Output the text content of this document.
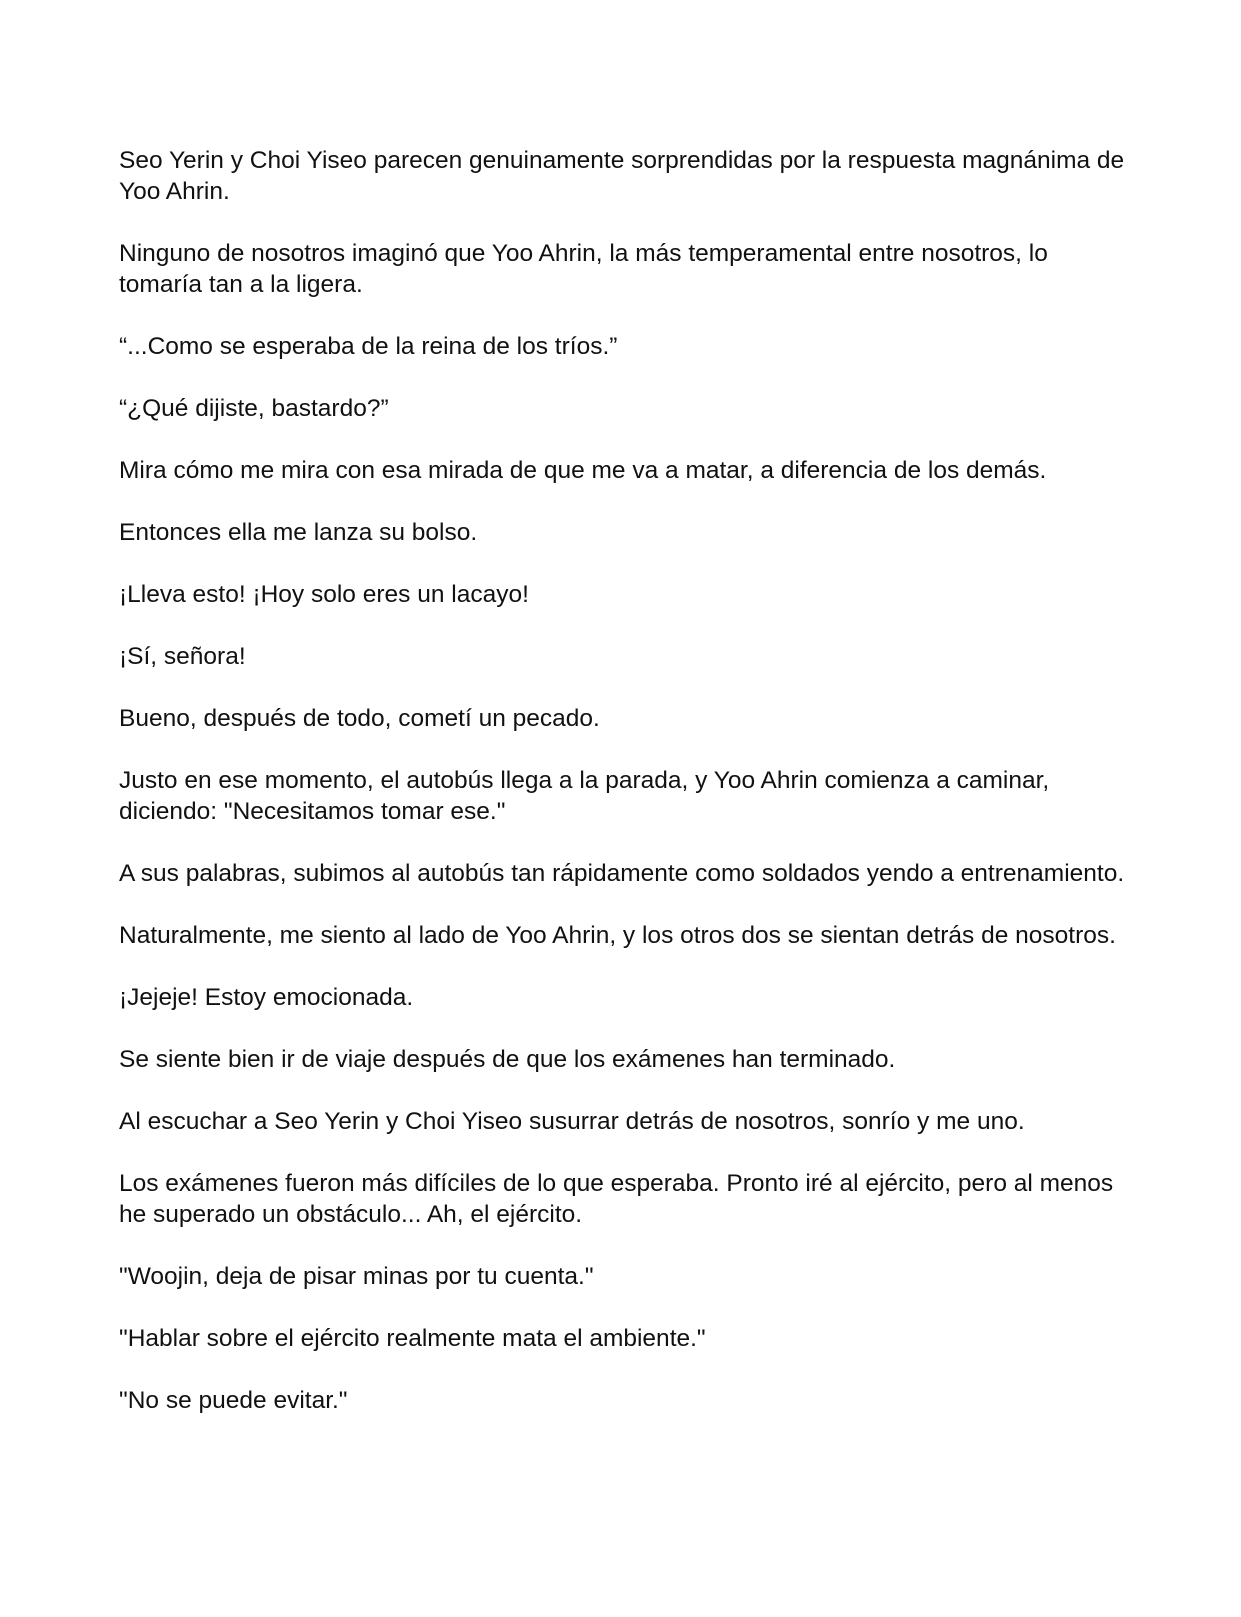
Seo Yerin y Choi Yiseo parecen genuinamente sorprendidas por la respuesta magnánima de Yoo Ahrin.

Ninguno de nosotros imaginó que Yoo Ahrin, la más temperamental entre nosotros, lo tomaría tan a la ligera.

“...Como se esperaba de la reina de los tríos.”

“¿Qué dijiste, bastardo?”

Mira cómo me mira con esa mirada de que me va a matar, a diferencia de los demás.

Entonces ella me lanza su bolso.

¡Lleva esto! ¡Hoy solo eres un lacayo!

¡Sí, señora!

Bueno, después de todo, cometí un pecado.

Justo en ese momento, el autobús llega a la parada, y Yoo Ahrin comienza a caminar, diciendo: "Necesitamos tomar ese."

A sus palabras, subimos al autobús tan rápidamente como soldados yendo a entrenamiento.

Naturalmente, me siento al lado de Yoo Ahrin, y los otros dos se sientan detrás de nosotros.

¡Jejeje! Estoy emocionada.

Se siente bien ir de viaje después de que los exámenes han terminado.

Al escuchar a Seo Yerin y Choi Yiseo susurrar detrás de nosotros, sonrío y me uno.

Los exámenes fueron más difíciles de lo que esperaba. Pronto iré al ejército, pero al menos he superado un obstáculo... Ah, el ejército.

"Woojin, deja de pisar minas por tu cuenta."

"Hablar sobre el ejército realmente mata el ambiente."

"No se puede evitar."
